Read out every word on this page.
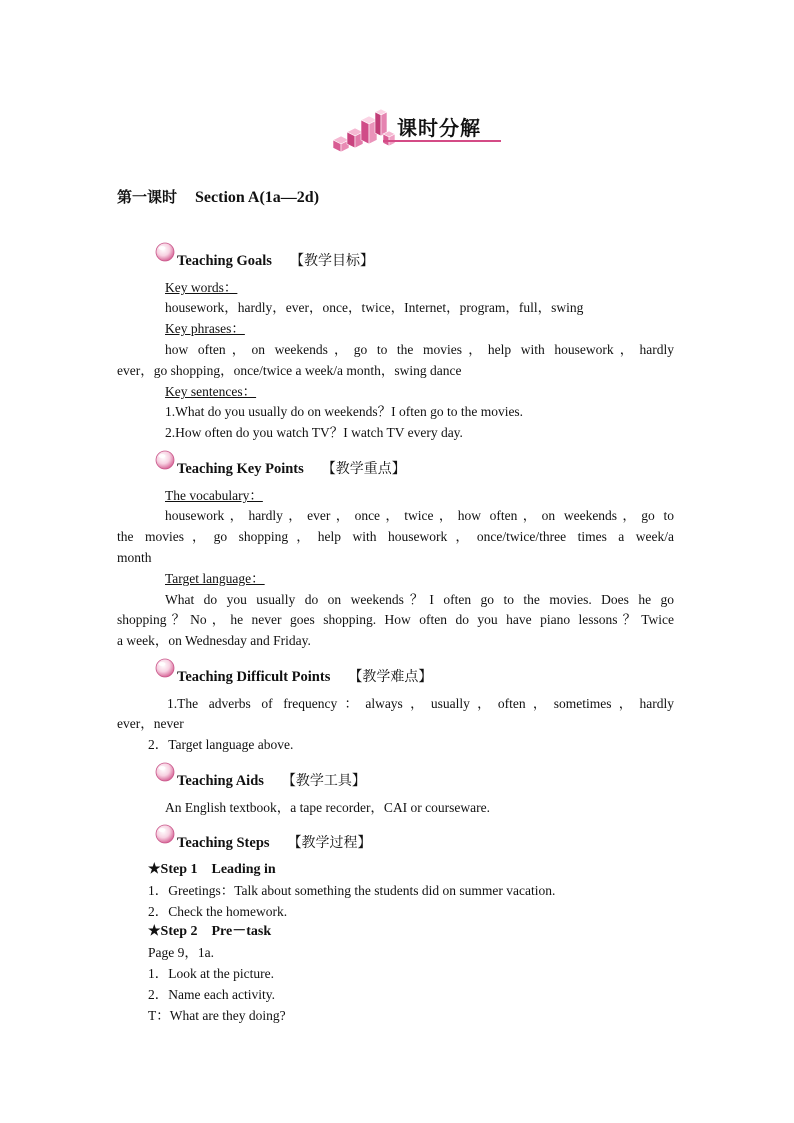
课时分解
第一课时 Section A(1a—2d)
Teaching Goals 【教学目标】
Key words：
housework，hardly，ever，once，twice，Internet，program，full，swing
Key phrases：
how often，on weekends，go to the movies，help with housework，hardly
ever，go shopping，once/twice a week/a month，swing dance
Key sentences：
1.What do you usually do on weekends？I often go to the movies.
2.How often do you watch TV？I watch TV every day.
Teaching Key Points 【教学重点】
The vocabulary：
housework，hardly，ever，once，twice，how often，on weekends，go to
the movies，go shopping，help with housework，once/twice/three times a week/a
month
Target language：
What do you usually do on weekends？I often go to the movies. Does he go
shopping？No，he never goes shopping. How often do you have piano lessons？Twice
a week，on Wednesday and Friday.
Teaching Difficult Points 【教学难点】
1.The adverbs of frequency：always，usually，often，sometimes，hardly
ever，never
2．Target language above.
Teaching Aids 【教学工具】
An English textbook，a tape recorder，CAI or courseware.
Teaching Steps 【教学过程】
★Step 1　Leading in
1．Greetings：Talk about something the students did on summer vacation.
2．Check the homework.
★Step 2　Pre－task
Page 9，1a.
1．Look at the picture.
2．Name each activity.
T：What are they doing?
